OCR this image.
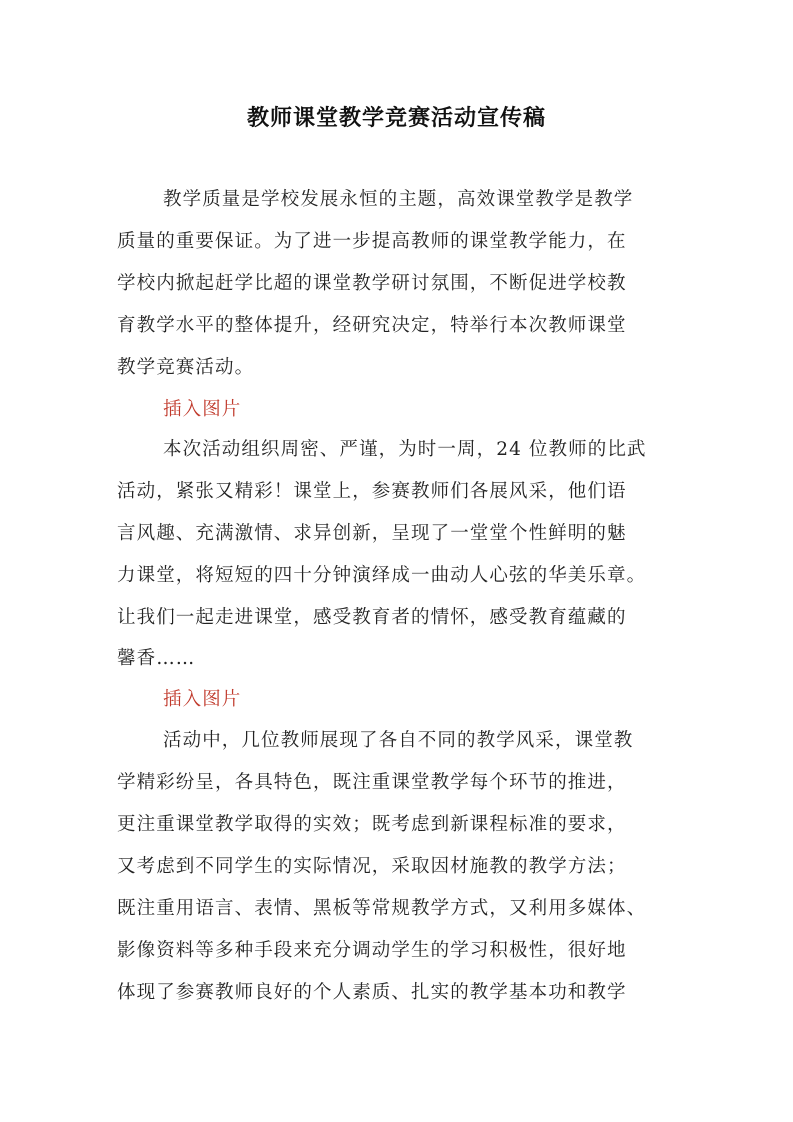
教师课堂教学竞赛活动宣传稿
教学质量是学校发展永恒的主题，高效课堂教学是教学
质量的重要保证。为了进一步提高教师的课堂教学能力，在
学校内掀起赶学比超的课堂教学研讨氛围，不断促进学校教
育教学水平的整体提升，经研究决定，特举行本次教师课堂
教学竞赛活动。
插入图片
本次活动组织周密、严谨，为时一周，24 位教师的比武
活动，紧张又精彩！课堂上，参赛教师们各展风采，他们语
言风趣、充满激情、求异创新，呈现了一堂堂个性鲜明的魅
力课堂，将短短的四十分钟演绎成一曲动人心弦的华美乐章。
让我们一起走进课堂，感受教育者的情怀，感受教育蕴藏的
馨香……
插入图片
活动中，几位教师展现了各自不同的教学风采，课堂教
学精彩纷呈，各具特色，既注重课堂教学每个环节的推进，
更注重课堂教学取得的实效；既考虑到新课程标准的要求，
又考虑到不同学生的实际情况，采取因材施教的教学方法；
既注重用语言、表情、黑板等常规教学方式，又利用多媒体、
影像资料等多种手段来充分调动学生的学习积极性，很好地
体现了参赛教师良好的个人素质、扎实的教学基本功和教学
